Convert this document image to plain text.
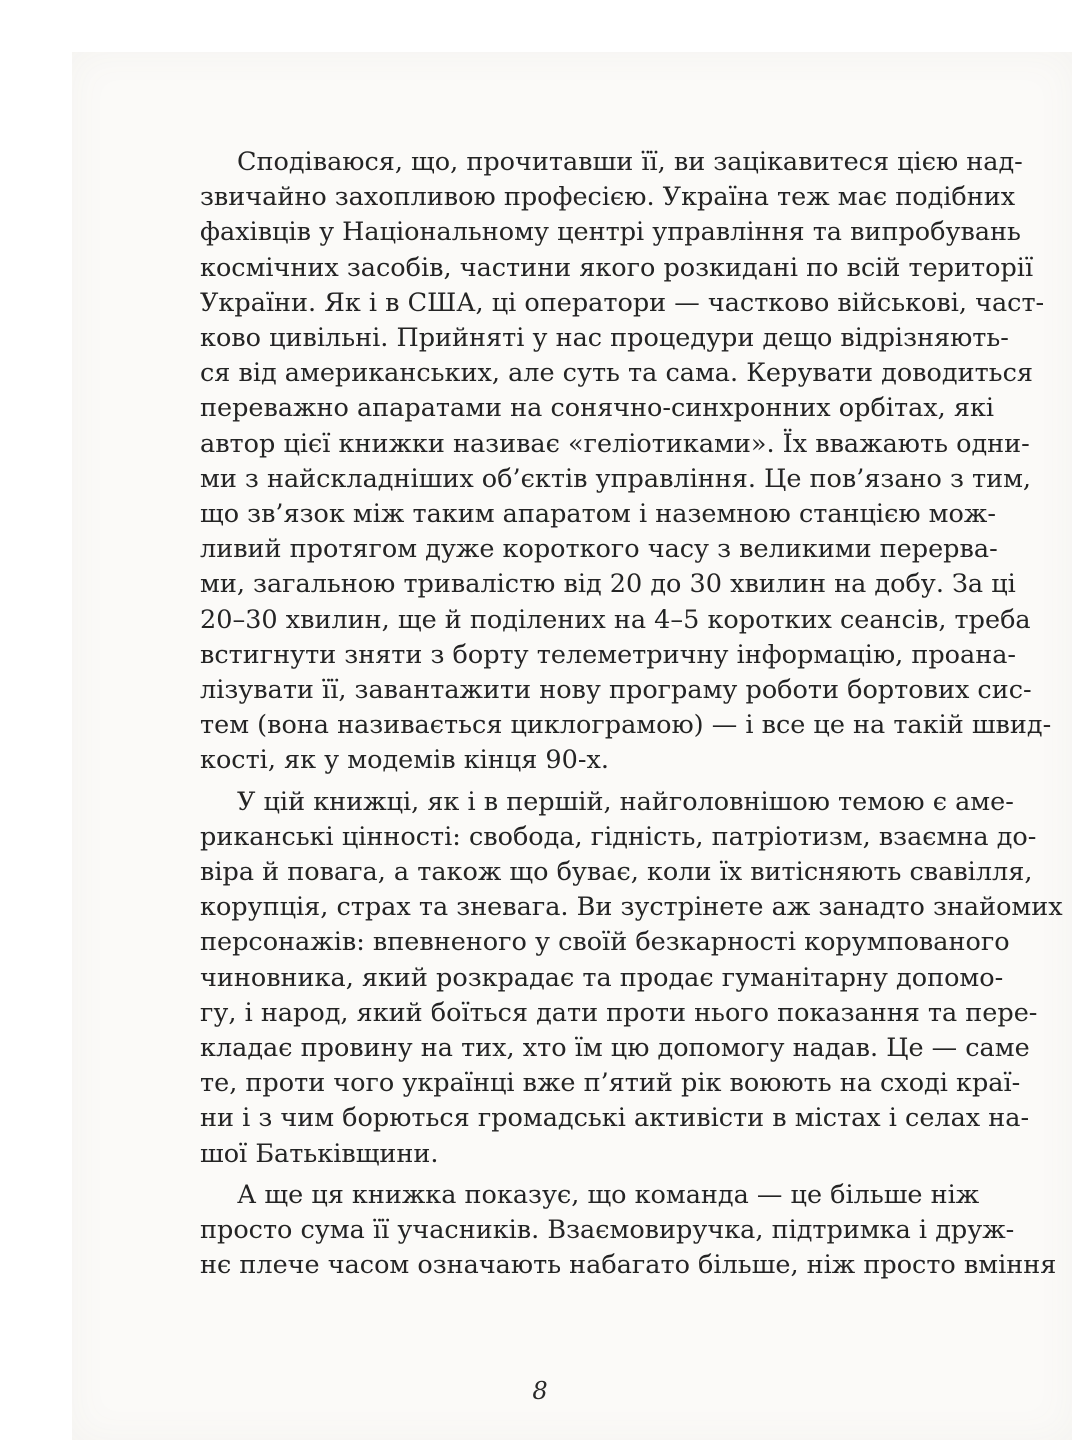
Сподіваюся, що, прочитавши її, ви зацікавитеся цією над-
звичайно захопливою професією. Україна теж має подібних
фахівців у Національному центрі управління та випробувань
космічних засобів, частини якого розкидані по всій території
України. Як і в США, ці оператори — частково військові, част-
ково цивільні. Прийняті у нас процедури дещо відрізняють-
ся від американських, але суть та сама. Керувати доводиться
переважно апаратами на сонячно-синхронних орбітах, які
автор цієї книжки називає «геліотиками». Їх вважають одни-
ми з найскладніших об’єктів управління. Це пов’язано з тим,
що зв’язок між таким апаратом і наземною станцією мож-
ливий протягом дуже короткого часу з великими перерва-
ми, загальною тривалістю від 20 до 30 хвилин на добу. За ці
20–30 хвилин, ще й поділених на 4–5 коротких сеансів, треба
встигнути зняти з борту телеметричну інформацію, проана-
лізувати її, завантажити нову програму роботи бортових сис-
тем (вона називається циклограмою) — і все це на такій швид-
кості, як у модемів кінця 90-х.

У цій книжці, як і в першій, найголовнішою темою є аме-
риканські цінності: свобода, гідність, патріотизм, взаємна до-
віра й повага, а також що буває, коли їх витісняють свавілля,
корупція, страх та зневага. Ви зустрінете аж занадто знайомих
персонажів: впевненого у своїй безкарності корумпованого
чиновника, який розкрадає та продає гуманітарну допомо-
гу, і народ, який боїться дати проти нього показання та пере-
кладає провину на тих, хто їм цю допомогу надав. Це — саме
те, проти чого українці вже п’ятий рік воюють на сході краї-
ни і з чим борються громадські активісти в містах і селах на-
шої Батьківщини.

А ще ця книжка показує, що команда — це більше ніж
просто сума її учасників. Взаємовиручка, підтримка і друж-
нє плече часом означають набагато більше, ніж просто вміння

8
